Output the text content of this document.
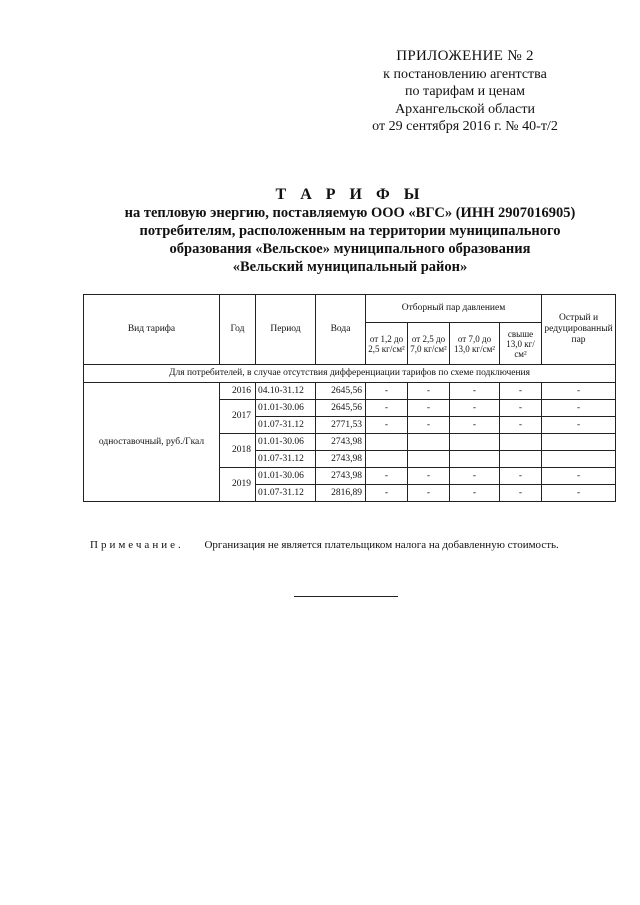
ПРИЛОЖЕНИЕ № 2
к постановлению агентства
по тарифам и ценам
Архангельской области
от 29 сентября 2016 г. № 40-т/2
Т А Р И Ф Ы
на тепловую энергию, поставляемую ООО «ВГС» (ИНН 2907016905)
потребителям, расположенным на территории муниципального
образования «Вельское» муниципального образования
«Вельский муниципальный район»
Вид тарифа	Год	Период	Вода	Отборный пар давлением				Острый и редуцированный пар
				от 1,2 до 2,5 кг/см²	от 2,5 до 7,0 кг/см²	от 7,0 до 13,0 кг/см²	свыше 13,0 кг/см²	
Для потребителей, в случае отсутствия дифференциации тарифов по схеме подключения								
одноставочный, руб./Гкал	2016	04.10-31.12	2645,56	-	-	-	-	-
	2017	01.01-30.06	2645,56	-	-	-	-	-
		01.07-31.12	2771,53	-	-	-	-	-
	2018	01.01-30.06	2743,98					
		01.07-31.12	2743,98					
	2019	01.01-30.06	2743,98	-	-	-	-	-
		01.07-31.12	2816,89	-	-	-	-	-
Примечание. Организация не является плательщиком налога на добавленную стоимость.
